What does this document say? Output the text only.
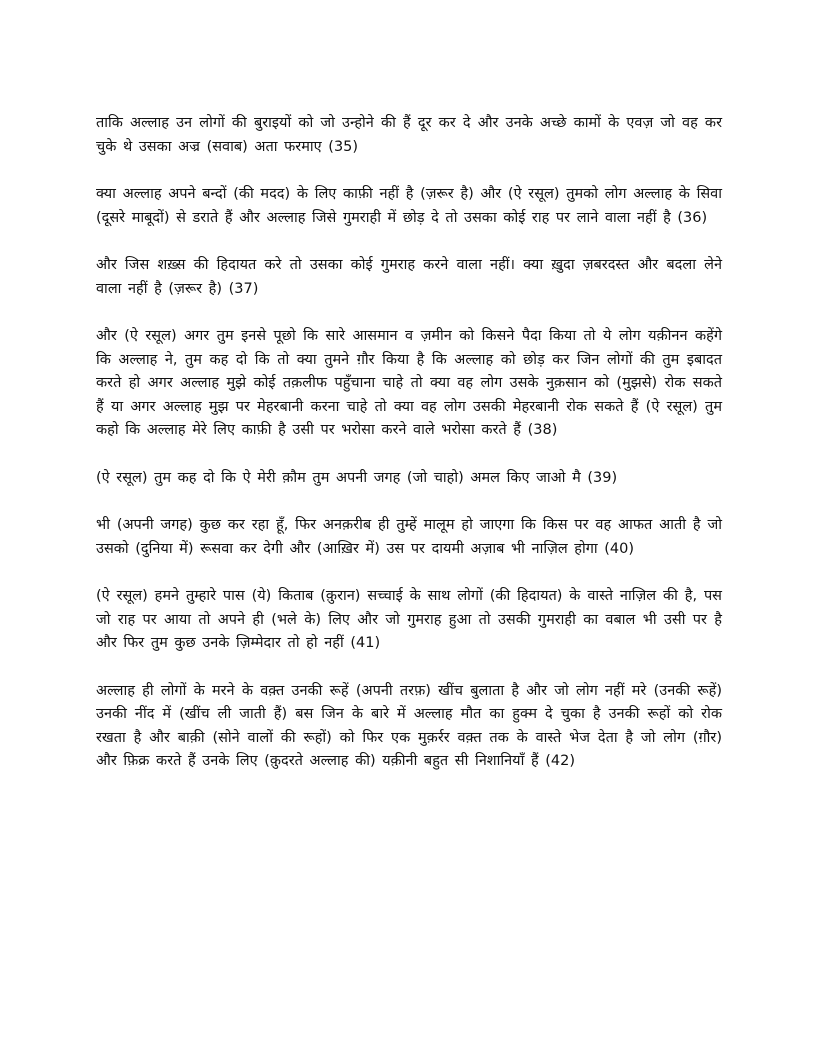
ताकि अल्लाह उन लोगों की बुराइयों को जो उन्होने की हैं दूर कर दे और उनके अच्छे कामों के एवज़ जो वह कर चुके थे उसका अज्र (सवाब) अता फरमाए (35)

क्या अल्लाह अपने बन्दों (की मदद) के लिए काफ़ी नहीं है (ज़रूर है) और (ऐ रसूल) तुमको लोग अल्लाह के सिवा (दूसरे माबूदों) से डराते हैं और अल्लाह जिसे गुमराही में छोड़ दे तो उसका कोई राह पर लाने वाला नहीं है (36)

और जिस शख़्स की हिदायत करे तो उसका कोई गुमराह करने वाला नहीं। क्या ख़ुदा ज़बरदस्त और बदला लेने वाला नहीं है (ज़रूर है) (37)

और (ऐ रसूल) अगर तुम इनसे पूछो कि सारे आसमान व ज़मीन को किसने पैदा किया तो ये लोग यक़ीनन कहेंगे कि अल्लाह ने, तुम कह दो कि तो क्या तुमने ग़ौर किया है कि अल्लाह को छोड़ कर जिन लोगों की तुम इबादत करते हो अगर अल्लाह मुझे कोई तक़लीफ पहुँचाना चाहे तो क्या वह लोग उसके नुक़सान को (मुझसे) रोक सकते हैं या अगर अल्लाह मुझ पर मेहरबानी करना चाहे तो क्या वह लोग उसकी मेहरबानी रोक सकते हैं (ऐ रसूल) तुम कहो कि अल्लाह मेरे लिए काफ़ी है उसी पर भरोसा करने वाले भरोसा करते हैं (38)

(ऐ रसूल) तुम कह दो कि ऐ मेरी क़ौम तुम अपनी जगह (जो चाहो) अमल किए जाओ मै (39)

भी (अपनी जगह) कुछ कर रहा हूँ, फिर अनक़रीब ही तुम्हें मालूम हो जाएगा कि किस पर वह आफत आती है जो उसको (दुनिया में) रूसवा कर देगी और (आख़िर में) उस पर दायमी अज़ाब भी नाज़िल होगा (40)

(ऐ रसूल) हमने तुम्हारे पास (ये) किताब (क़ुरान) सच्चाई के साथ लोगों (की हिदायत) के वास्ते नाज़िल की है, पस जो राह पर आया तो अपने ही (भले के) लिए और जो गुमराह हुआ तो उसकी गुमराही का वबाल भी उसी पर है और फिर तुम कुछ उनके ज़िम्मेदार तो हो नहीं (41)

अल्लाह ही लोगों के मरने के वक़्त उनकी रूहें (अपनी तरफ़) खींच बुलाता है और जो लोग नहीं मरे (उनकी रूहें) उनकी नींद में (खींच ली जाती हैं) बस जिन के बारे में अल्लाह मौत का हुक्म दे चुका है उनकी रूहों को रोक रखता है और बाक़ी (सोने वालों की रूहों) को फिर एक मुक़र्रर वक़्त तक के वास्ते भेज देता है जो लोग (ग़ौर) और फ़िक्र करते हैं उनके लिए (क़ुदरते अल्लाह की) यक़ीनी बहुत सी निशानियाँ हैं (42)
